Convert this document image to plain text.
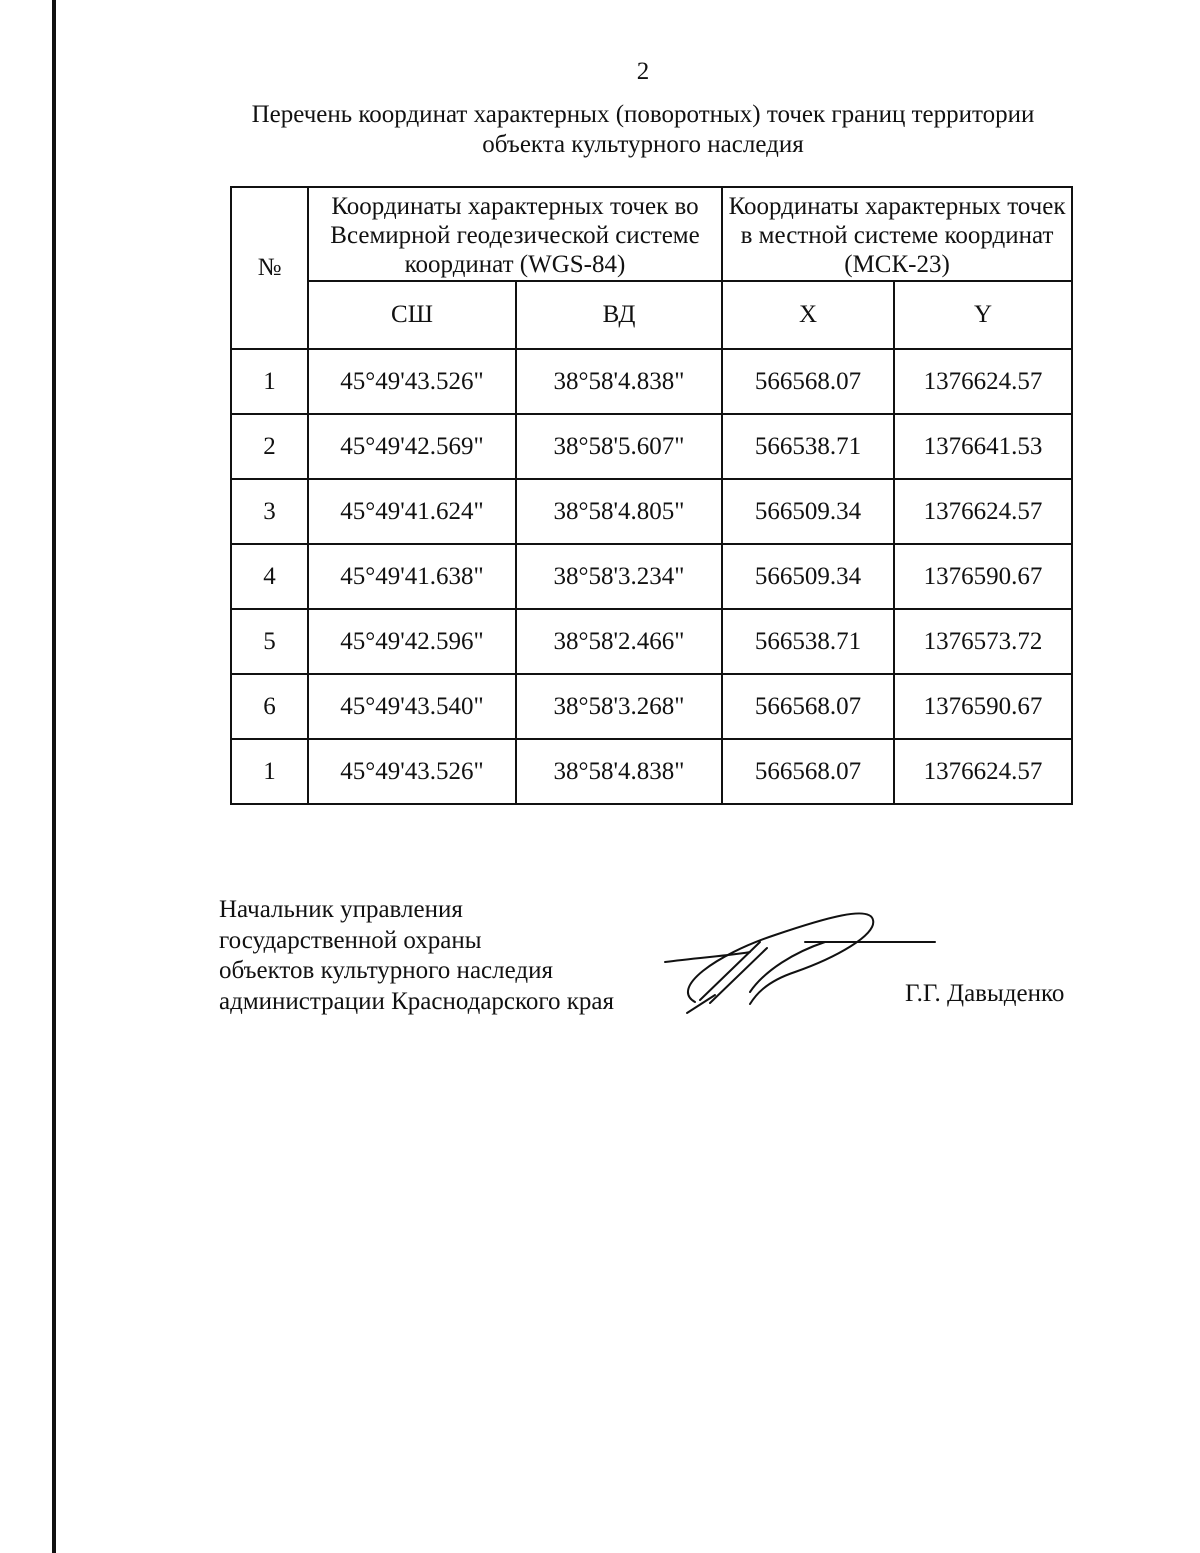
2
Перечень координат характерных (поворотных) точек границ территории
объекта культурного наследия
№	Координаты характерных точек во Всемирной геодезической системе координат (WGS-84)		Координаты характерных точек в местной системе координат (МСК-23)	
	СШ	ВД	X	Y
1	45°49'43.526"	38°58'4.838"	566568.07	1376624.57
2	45°49'42.569"	38°58'5.607"	566538.71	1376641.53
3	45°49'41.624"	38°58'4.805"	566509.34	1376624.57
4	45°49'41.638"	38°58'3.234"	566509.34	1376590.67
5	45°49'42.596"	38°58'2.466"	566538.71	1376573.72
6	45°49'43.540"	38°58'3.268"	566568.07	1376590.67
1	45°49'43.526"	38°58'4.838"	566568.07	1376624.57
Начальник управления
государственной охраны
объектов культурного наследия
администрации Краснодарского края	Г.Г. Давыденко
